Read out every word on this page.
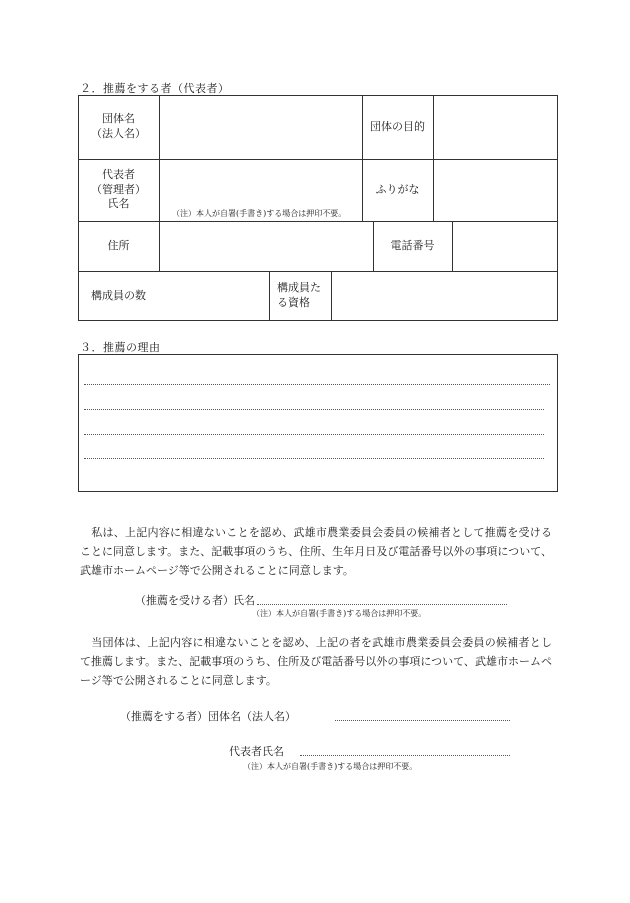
２．推薦をする者（代表者）
団体名
（法人名）
団体の目的
代表者
（管理者）
氏名
（注）本人が自署(手書き)する場合は押印不要。
ふりがな
住所	電話番号
構成員の数
構成員た
る資格
３．推薦の理由
　私は、上記内容に相違ないことを認め、武雄市農業委員会委員の候補者として推薦を受けることに同意します。また、記載事項のうち、住所、生年月日及び電話番号以外の事項について、武雄市ホームページ等で公開されることに同意します。
（推薦を受ける者） 氏名
（注）本人が自署(手書き)する場合は押印不要。
　当団体は、上記内容に相違ないことを認め、上記の者を武雄市農業委員会委員の候補者として推薦します。また、記載事項のうち、住所及び電話番号以外の事項について、武雄市ホームページ等で公開されることに同意します。
（推薦をする者）団体名（法人名）
代表者氏名
（注）本人が自署(手書き)する場合は押印不要。
